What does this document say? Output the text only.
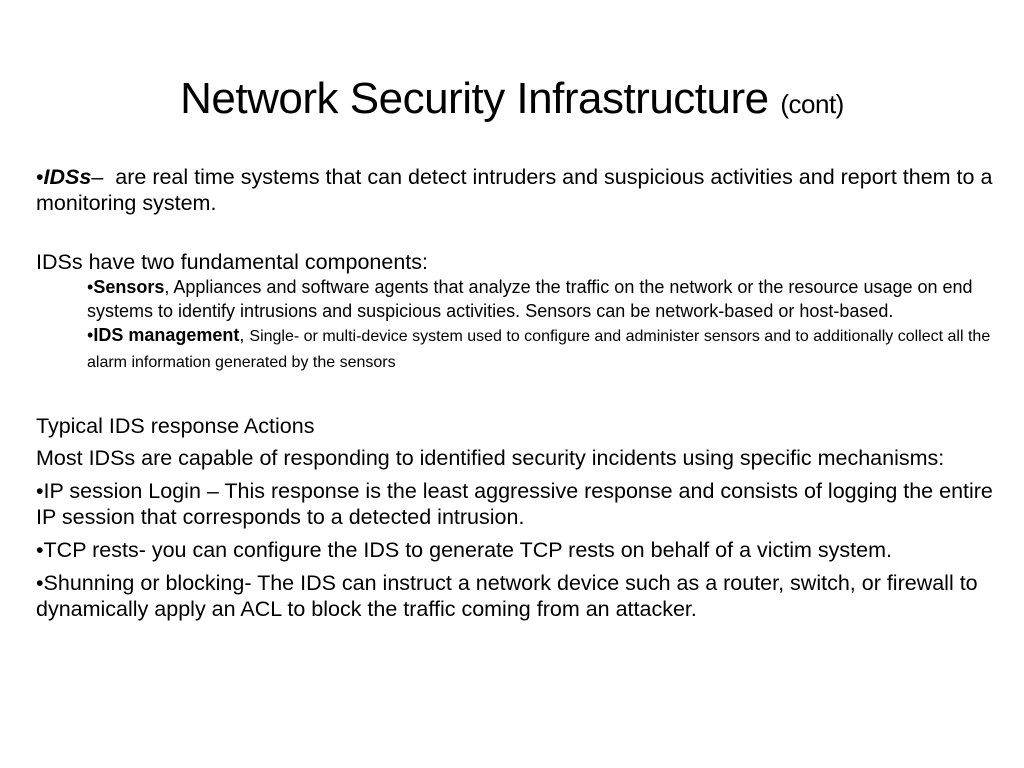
Network Security Infrastructure (cont)

•IDSs– are real time systems that can detect intruders and suspicious activities and report them to a monitoring system.

IDSs have two fundamental components:

•Sensors, Appliances and software agents that analyze the traffic on the network or the resource usage on end systems to identify intrusions and suspicious activities. Sensors can be network-based or host-based.

•IDS management, Single- or multi-device system used to configure and administer sensors and to additionally collect all the alarm information generated by the sensors

Typical IDS response Actions

Most IDSs are capable of responding to identified security incidents using specific mechanisms:

•IP session Login – This response is the least aggressive response and consists of logging the entire IP session that corresponds to a detected intrusion.

•TCP rests- you can configure the IDS to generate TCP rests on behalf of a victim system.

•Shunning or blocking- The IDS can instruct a network device such as a router, switch, or firewall to dynamically apply an ACL to block the traffic coming from an attacker.
